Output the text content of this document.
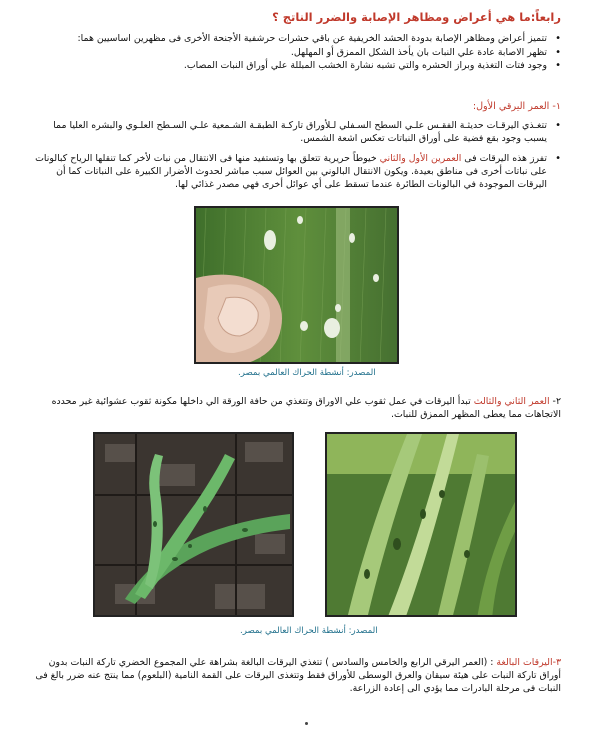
رابعاً:ما هي أعراض ومظاهر الإصابة والضرر الناتج ؟
• تتميز أعراض ومظاهر الإصابة بدودة الحشد الخريفية عن باقي حشرات حرشفية الأجنحة الأخرى فى مظهرين اساسيين هما:
• تظهر الاصابة عادة علي النبات بان يأخذ الشكل الممزق أو المهلهل.
• وجود فتات التغذية وبراز الحشره والتي تشبه نشارة الخشب المبللة علي أوراق النبات المصاب.
١- العمر اليرقي الأول:
• تتغـذي اليرقـات حديثـة الفقـس علـي السطح السـفلي لـلأوراق تاركـة الطبقـة الشـمعية علـي السـطح العلـوي والبشره العليا مما يسبب وجود بقع فضية على أوراق النباتات تعكس اشعة الشمس.
• تفرز هذه اليرقات فى العمرين الأول والثاني خيوطاً حريرية تتعلق بها وتستفيد منها فى الانتقال من نبات لأخر كما تنقلها الرياح كبالونات على نباتات أخرى فى مناطق بعيدة. ويكون الانتقال البالوني بين العوائل سبب مباشر لحدوث الأضرار الكبيرة على النباتات كما أن اليرقات الموجودة في البالونات الطائرة عندما تسقط على أي عوائل أخرى فهي مصدر غذائي لها.
المصدر: أنشطة الحراك العالمي بمصر.
٢- العمر الثاني والثالث تبدأ اليرقات في عمل ثقوب علي الاوراق وتتغذي من حافة الورقة الي داخلها مكونة ثقوب عشوائية غير محدده الاتجاهات مما يعطى المظهر الممزق للنبات.
المصدر: أنشطة الحراك العالمي بمصر.
٣-اليرقات البالغة : (العمر اليرقي الرابع والخامس والسادس ) تتغذي اليرقات البالغة بشراهة علي المجموع الخضري تاركة النبات بدون أوراق تاركة النبات على هيئة سيقان والعرق الوسطى للأوراق فقط وتتغذى اليرقات على القمة النامية (البلعوم) مما ينتج عنه ضرر بالغ فى النبات فى مرحلة البادرات مما يؤدي الى إعادة الزراعة.
